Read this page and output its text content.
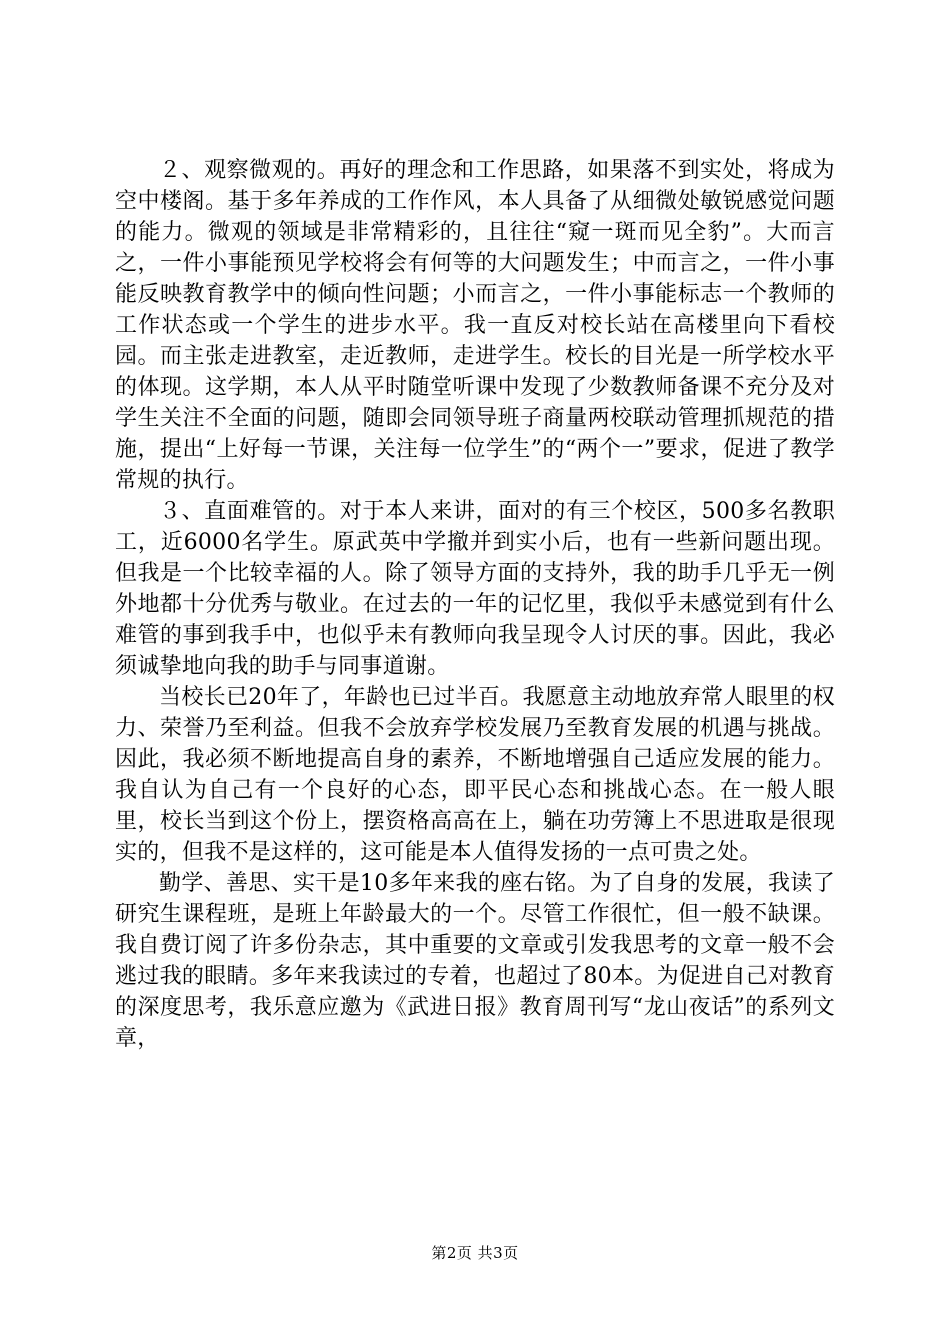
２、观察微观的。再好的理念和工作思路，如果落不到实处，将成为空中楼阁。基于多年养成的工作作风，本人具备了从细微处敏锐感觉问题的能力。微观的领域是非常精彩的，且往往“窥一斑而见全豹”。大而言之，一件小事能预见学校将会有何等的大问题发生；中而言之，一件小事能反映教育教学中的倾向性问题；小而言之，一件小事能标志一个教师的工作状态或一个学生的进步水平。我一直反对校长站在高楼里向下看校园。而主张走进教室，走近教师，走进学生。校长的目光是一所学校水平的体现。这学期，本人从平时随堂听课中发现了少数教师备课不充分及对学生关注不全面的问题，随即会同领导班子商量两校联动管理抓规范的措施，提出“上好每一节课，关注每一位学生”的“两个一”要求，促进了教学常规的执行。

３、直面难管的。对于本人来讲，面对的有三个校区，500多名教职工，近6000名学生。原武英中学撤并到实小后，也有一些新问题出现。但我是一个比较幸福的人。除了领导方面的支持外，我的助手几乎无一例外地都十分优秀与敬业。在过去的一年的记忆里，我似乎未感觉到有什么难管的事到我手中，也似乎未有教师向我呈现令人讨厌的事。因此，我必须诚挚地向我的助手与同事道谢。

当校长已20年了，年龄也已过半百。我愿意主动地放弃常人眼里的权力、荣誉乃至利益。但我不会放弃学校发展乃至教育发展的机遇与挑战。因此，我必须不断地提高自身的素养，不断地增强自己适应发展的能力。我自认为自己有一个良好的心态，即平民心态和挑战心态。在一般人眼里，校长当到这个份上，摆资格高高在上，躺在功劳簿上不思进取是很现实的，但我不是这样的，这可能是本人值得发扬的一点可贵之处。

勤学、善思、实干是10多年来我的座右铭。为了自身的发展，我读了研究生课程班，是班上年龄最大的一个。尽管工作很忙，但一般不缺课。我自费订阅了许多份杂志，其中重要的文章或引发我思考的文章一般不会逃过我的眼睛。多年来我读过的专着，也超过了80本。为促进自己对教育的深度思考，我乐意应邀为《武进日报》教育周刊写“龙山夜话”的系列文章，

第2页 共3页
